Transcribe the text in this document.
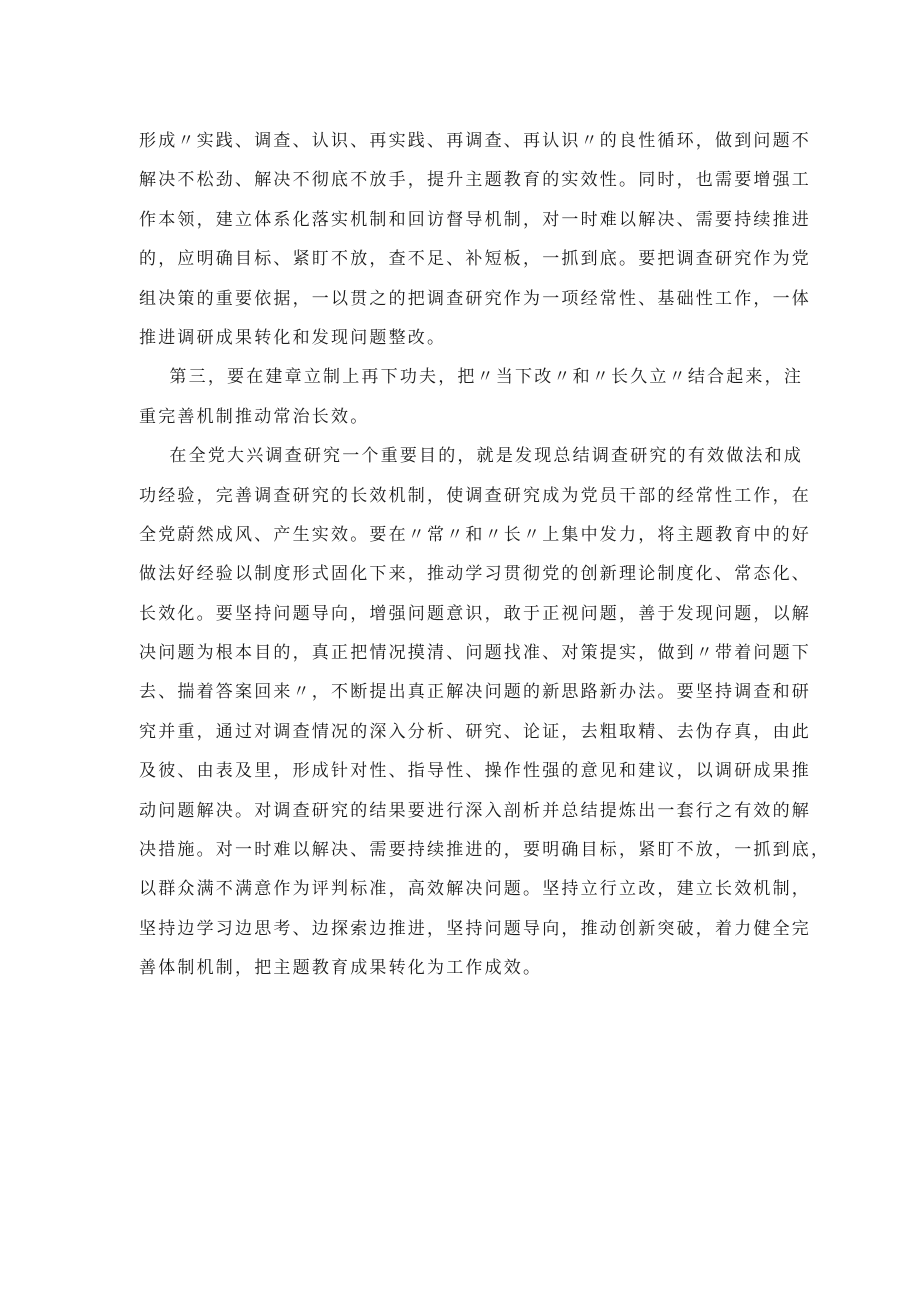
形成〃实践、调查、认识、再实践、再调查、再认识〃的良性循环，做到问题不
解决不松劲、解决不彻底不放手，提升主题教育的实效性。同时，也需要增强工
作本领，建立体系化落实机制和回访督导机制，对一时难以解决、需要持续推进
的，应明确目标、紧盯不放，查不足、补短板，一抓到底。要把调查研究作为党
组决策的重要依据，一以贯之的把调查研究作为一项经常性、基础性工作，一体
推进调研成果转化和发现问题整改。
第三，要在建章立制上再下功夫，把〃当下改〃和〃长久立〃结合起来，注
重完善机制推动常治长效。
在全党大兴调查研究一个重要目的，就是发现总结调查研究的有效做法和成
功经验，完善调查研究的长效机制，使调查研究成为党员干部的经常性工作，在
全党蔚然成风、产生实效。要在〃常〃和〃长〃上集中发力，将主题教育中的好
做法好经验以制度形式固化下来，推动学习贯彻党的创新理论制度化、常态化、
长效化。要坚持问题导向，增强问题意识，敢于正视问题，善于发现问题，以解
决问题为根本目的，真正把情况摸清、问题找准、对策提实，做到〃带着问题下
去、揣着答案回来〃，不断提出真正解决问题的新思路新办法。要坚持调查和研
究并重，通过对调查情况的深入分析、研究、论证，去粗取精、去伪存真，由此
及彼、由表及里，形成针对性、指导性、操作性强的意见和建议，以调研成果推
动问题解决。对调查研究的结果要进行深入剖析并总结提炼出一套行之有效的解
决措施。对一时难以解决、需要持续推进的，要明确目标，紧盯不放，一抓到底，
以群众满不满意作为评判标准，高效解决问题。坚持立行立改，建立长效机制，
坚持边学习边思考、边探索边推进，坚持问题导向，推动创新突破，着力健全完
善体制机制，把主题教育成果转化为工作成效。
